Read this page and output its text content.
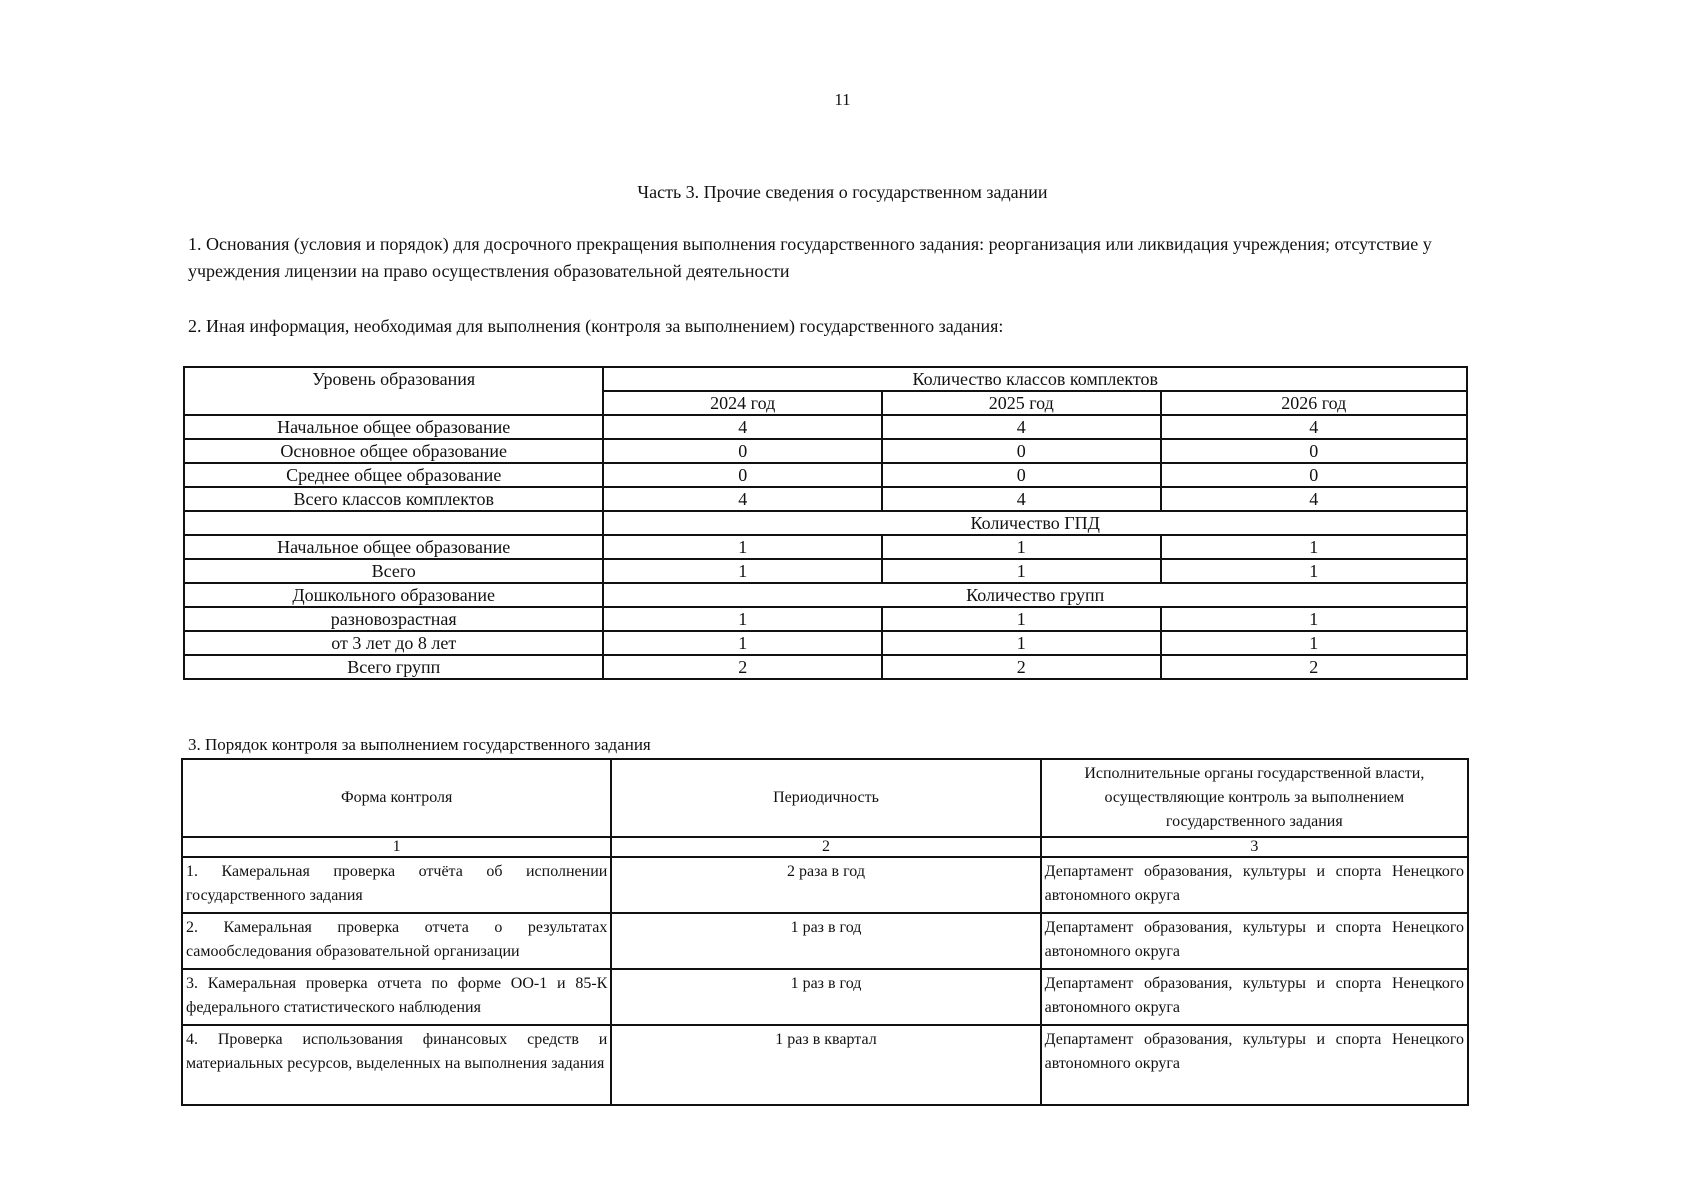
11
Часть 3. Прочие сведения о государственном задании
1. Основания (условия и порядок) для досрочного прекращения выполнения государственного задания: реорганизация или ликвидация учреждения; отсутствие у учреждения лицензии на право осуществления образовательной деятельности
2. Иная информация, необходимая для выполнения (контроля за выполнением) государственного задания:
Уровень образования	Количество классов комплектов		
	2024 год	2025 год	2026 год
Начальное общее образование	4	4	4
Основное общее образование	0	0	0
Среднее общее образование	0	0	0
Всего классов комплектов	4	4	4
	Количество ГПД		
Начальное общее образование	1	1	1
Всего	1	1	1
Дошкольного образование	Количество групп		
разновозрастная	1	1	1
от 3 лет до 8 лет	1	1	1
Всего групп	2	2	2
3. Порядок контроля за выполнением государственного задания
Форма контроля	Периодичность	Исполнительные органы государственной власти, осуществляющие контроль за выполнением государственного задания
1	2	3
1. Камеральная проверка отчёта об исполнении государственного задания	2 раза в год	Департамент образования, культуры и спорта Ненецкого автономного округа
2. Камеральная проверка отчета о результатах самообследования образовательной организации	1 раз в год	Департамент образования, культуры и спорта Ненецкого автономного округа
3. Камеральная проверка отчета по форме ОО-1 и 85-К федерального статистического наблюдения	1 раз в год	Департамент образования, культуры и спорта Ненецкого автономного округа
4. Проверка использования финансовых средств и материальных ресурсов, выделенных на выполнения задания	1 раз в квартал	Департамент образования, культуры и спорта Ненецкого автономного округа
